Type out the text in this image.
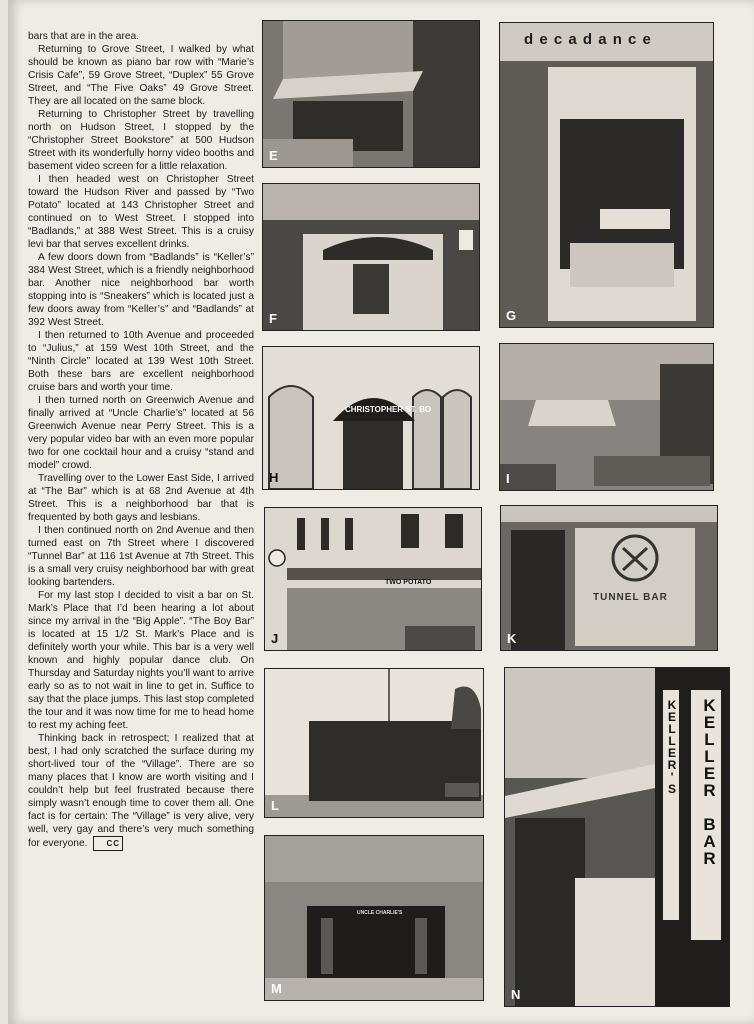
bars that are in the area.

Returning to Grove Street, I walked by what should be known as piano bar row with “Marie’s Crisis Cafe”, 59 Grove Street, “Duplex” 55 Grove Street, and “The Five Oaks” 49 Grove Street. They are all located on the same block.

Returning to Christopher Street by travelling north on Hudson Street, I stopped by the “Christopher Street Bookstore” at 500 Hudson Street with its wonderfully horny video booths and basement video screen for a little relaxation.

I then headed west on Christopher Street toward the Hudson River and passed by “Two Potato” located at 143 Christopher Street and continued on to West Street. I stopped into “Badlands,” at 388 West Street. This is a cruisy levi bar that serves excellent drinks.

A few doors down from “Badlands” is “Keller’s” 384 West Street, which is a friendly neighborhood bar. Another nice neighborhood bar worth stopping into is “Sneakers” which is located just a few doors away from “Keller’s” and “Badlands” at 392 West Street.

I then returned to 10th Avenue and proceeded to “Julius,” at 159 West 10th Street, and the “Ninth Circle” located at 139 West 10th Street. Both these bars are excellent neighborhood cruise bars and worth your time.

I then turned north on Greenwich Avenue and finally arrived at “Uncle Charlie’s” located at 56 Greenwich Avenue near Perry Street. This is a very popular video bar with an even more popular two for one cocktail hour and a cruisy “stand and model” crowd.

Travelling over to the Lower East Side, I arrived at “The Bar” which is at 68 2nd Avenue at 4th Street. This is a neighborhood bar that is frequented by both gays and lesbians.

I then continued north on 2nd Avenue and then turned east on 7th Street where I discovered “Tunnel Bar” at 116 1st Avenue at 7th Street. This is a small very cruisy neighborhood bar with great looking bartenders.

For my last stop I decided to visit a bar on St. Mark’s Place that I’d been hearing a lot about since my arrival in the “Big Apple”. “The Boy Bar” is located at 15 1/2 St. Mark’s Place and is definitely worth your while. This bar is a very well known and highly popular dance club. On Thursday and Saturday nights you’ll want to arrive early so as to not wait in line to get in. Suffice to say that the place jumps. This last stop completed the tour and it was now time for me to head home to rest my aching feet.

Thinking back in retrospect; I realized that at best, I had only scratched the surface during my short-lived tour of the “Village”. There are so many places that I know are worth visiting and I couldn’t help but feel frustrated because there simply wasn’t enough time to cover them all. One fact is for certain: The “Village” is very alive, very well, very gay and there’s very much something for everyone. CC

E
F
d e c a d a n c e
G
CHRISTOPHER ST. BO
H	I
TWO POTATO
J
TUNNEL BAR
K
L
UNCLE CHARLIE'S
M
KELLER'S	KELLER BAR
N
